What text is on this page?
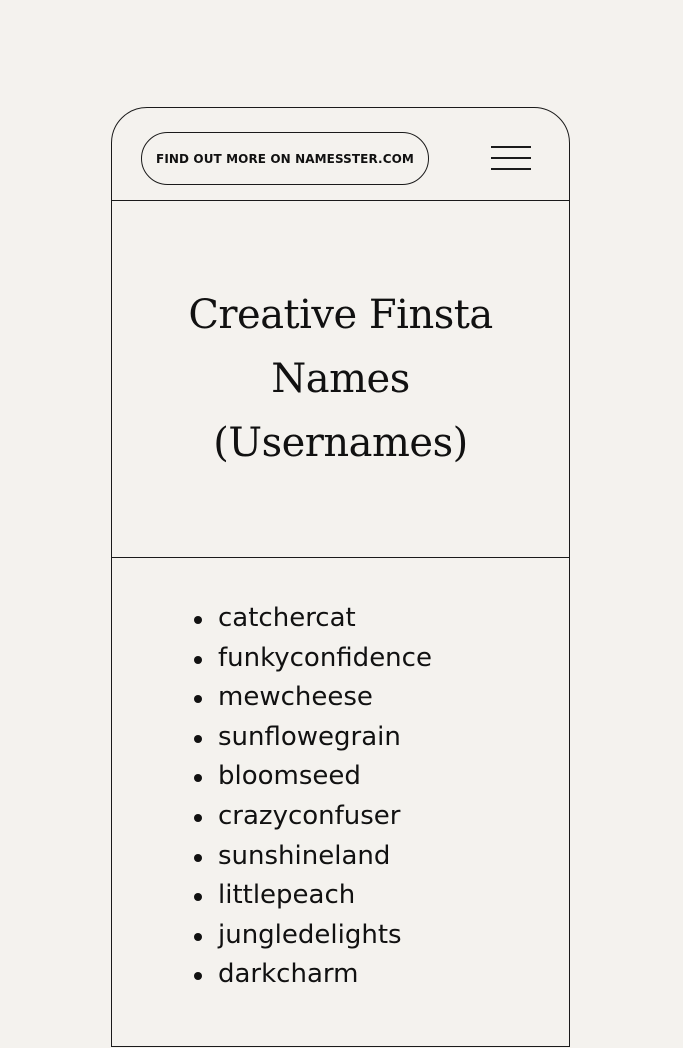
FIND OUT MORE ON NAMESSTER.COM
Creative Finsta
Names
(Usernames)
catchercat
funkyconfidence
mewcheese
sunflowegrain
bloomseed
crazyconfuser
sunshineland
littlepeach
jungledelights
darkcharm
